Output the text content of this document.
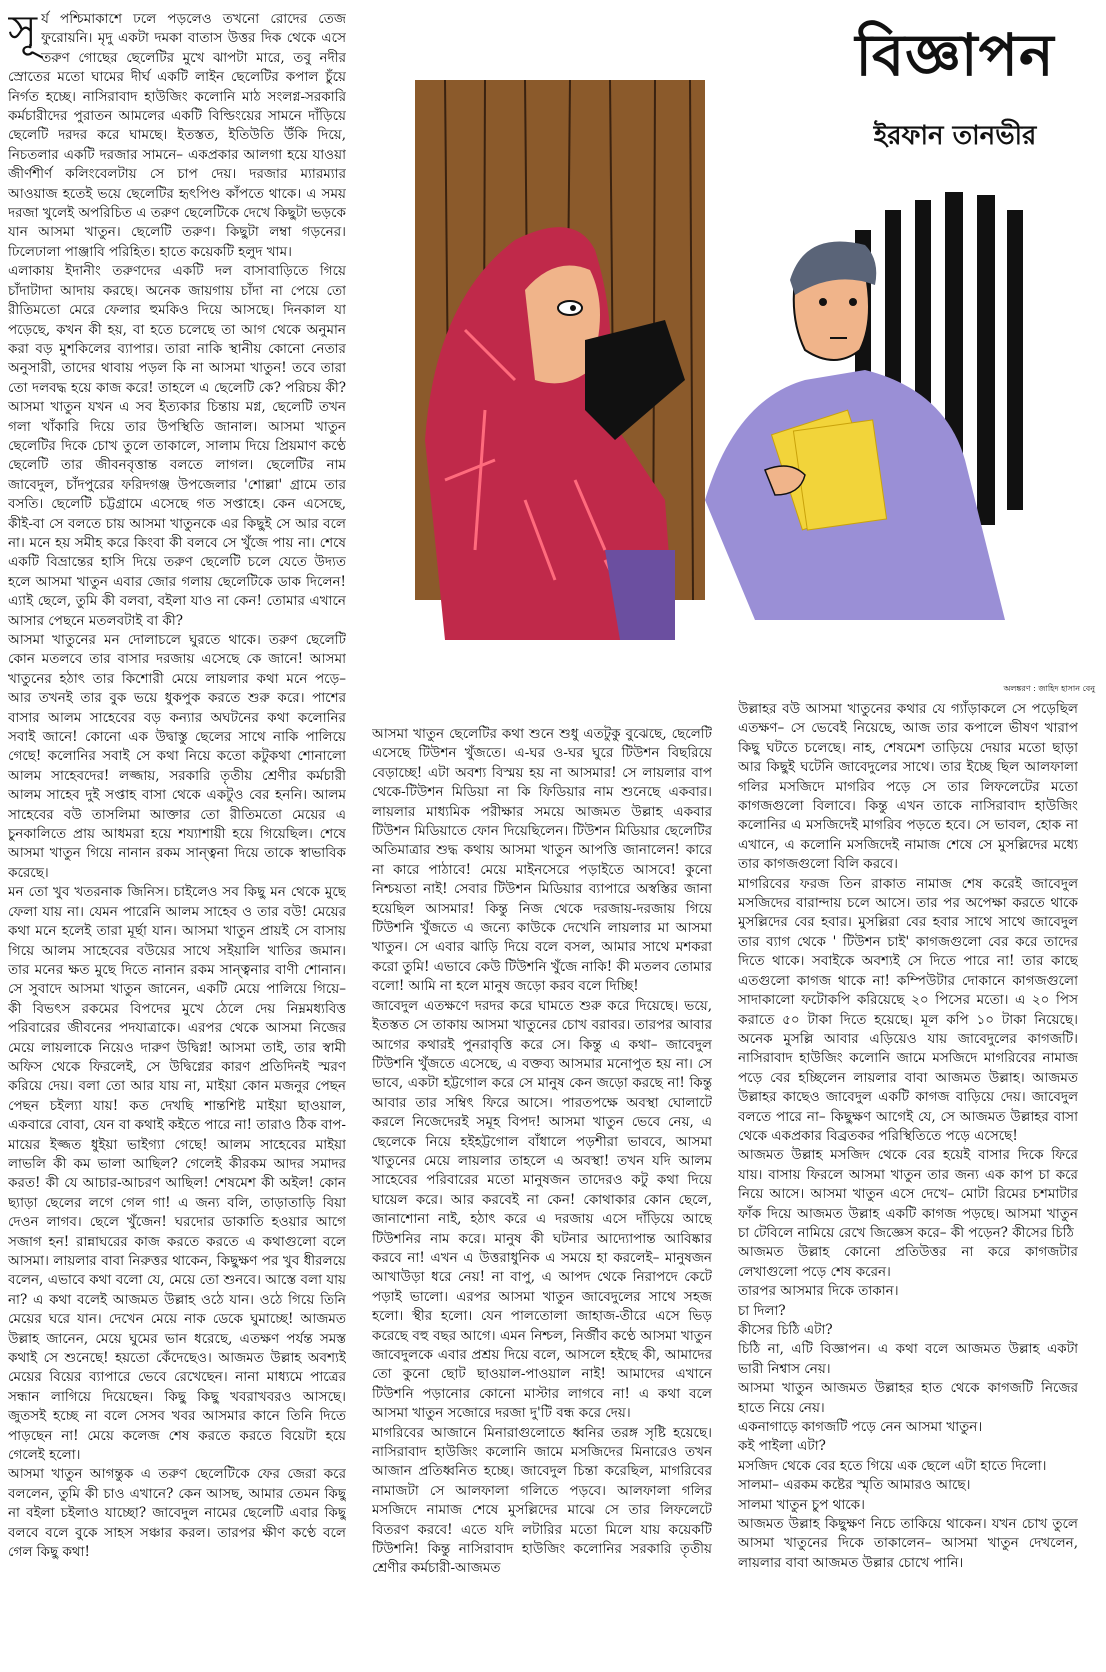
বিজ্ঞাপন
ইরফান তানভীর
অলঙ্করণ : জাহিদ হাসান বেনু
সূ র্য পশ্চিমাকাশে ঢলে পড়লেও তখনো রোদের তেজ ফুরোয়নি। মৃদু একটা দমকা বাতাস উত্তর দিক থেকে এসে তরুণ গোছের ছেলেটির মুখে ঝাপটা মারে, তবু নদীর স্রোতের মতো ঘামের দীর্ঘ একটি লাইন ছেলেটির কপাল চুঁয়ে নির্গত হচ্ছে। নাসিরাবাদ হাউজিং কলোনি মাঠ সংলগ্ন-সরকারি কর্মচারীদের পুরাতন আমলের একটি বিল্ডিংয়ের সামনে দাঁড়িয়ে ছেলেটি দরদর করে ঘামছে। ইতস্তত, ইতিউতি উঁকি দিয়ে, নিচতলার একটি দরজার সামনে– একপ্রকার আলগা হয়ে যাওয়া জীর্ণশীর্ণ কলিংবেলটায় সে চাপ দেয়। দরজার ম্যারম্যার আওয়াজ হতেই ভয়ে ছেলেটির হৃৎপিণ্ড কাঁপতে থাকে। এ সময় দরজা খুলেই অপরিচিত এ তরুণ ছেলেটিকে দেখে কিছুটা ভড়কে যান আসমা খাতুন। ছেলেটি তরুণ। কিছুটা লম্বা গড়নের। ঢিলেঢালা পাঞ্জাবি পরিহিত। হাতে কয়েকটি হলুদ খাম।

এলাকায় ইদানীং তরুণদের একটি দল বাসাবাড়িতে গিয়ে চাঁদাটাদা আদায় করছে। অনেক জায়গায় চাঁদা না পেয়ে তো রীতিমতো মেরে ফেলার হুমকিও দিয়ে আসছে। দিনকাল যা পড়েছে, কখন কী হয়, বা হতে চলেছে তা আগ থেকে অনুমান করা বড় মুশকিলের ব্যাপার। তারা নাকি স্থানীয় কোনো নেতার অনুসারী, তাদের থাবায় পড়ল কি না আসমা খাতুন! তবে তারা তো দলবদ্ধ হয়ে কাজ করে! তাহলে এ ছেলেটি কে? পরিচয় কী? আসমা খাতুন যখন এ সব ইত্যকার চিন্তায় মগ্ন, ছেলেটি তখন গলা খাঁকারি দিয়ে তার উপস্থিতি জানাল। আসমা খাতুন ছেলেটির দিকে চোখ তুলে তাকালে, সালাম দিয়ে প্রিয়মাণ কণ্ঠে ছেলেটি তার জীবনবৃত্তান্ত বলতে লাগল। ছেলেটির নাম জাবেদুল, চাঁদপুরের ফরিদগঞ্জ উপজেলার 'শোল্লা' গ্রামে তার বসতি। ছেলেটি চট্টগ্রামে এসেছে গত সপ্তাহে। কেন এসেছে, কীই-বা সে বলতে চায় আসমা খাতুনকে এর কিছুই সে আর বলে না। মনে হয় সমীহ করে কিংবা কী বলবে সে খুঁজে পায় না। শেষে একটি বিভ্রান্তের হাসি দিয়ে তরুণ ছেলেটি চলে যেতে উদ্যত হলে আসমা খাতুন এবার জোর গলায় ছেলেটিকে ডাক দিলেন! এ্যাই ছেলে, তুমি কী বলবা, বইলা যাও না কেন! তোমার এখানে আসার পেছনে মতলবটাই বা কী?

আসমা খাতুনের মন দোলাচলে ঘুরতে থাকে। তরুণ ছেলেটি কোন মতলবে তার বাসার দরজায় এসেছে কে জানে! আসমা খাতুনের হঠাৎ তার কিশোরী মেয়ে লায়লার কথা মনে পড়ে– আর তখনই তার বুক ভয়ে ধুকপুক করতে শুরু করে। পাশের বাসার আলম সাহেবের বড় কন্যার অঘটনের কথা কলোনির সবাই জানে! কোনো এক উদ্বাস্তু ছেলের সাথে নাকি পালিয়ে গেছে! কলোনির সবাই সে কথা নিয়ে কতো কটুকথা শোনালো আলম সাহেবদের! লজ্জায়, সরকারি তৃতীয় শ্রেণীর কর্মচারী আলম সাহেব দুই সপ্তাহ বাসা থেকে একটুও বের হননি। আলম সাহেবের বউ তাসলিমা আক্তার তো রীতিমতো মেয়ের এ চুনকালিতে প্রায় আধমরা হয়ে শয্যাশায়ী হয়ে গিয়েছিল। শেষে আসমা খাতুন গিয়ে নানান রকম সান্ত্বনা দিয়ে তাকে স্বাভাবিক করেছে।

মন তো খুব খতরনাক জিনিস। চাইলেও সব কিছু মন থেকে মুছে ফেলা যায় না। যেমন পারেনি আলম সাহেব ও তার বউ! মেয়ের কথা মনে হলেই তারা মূর্ছা যান। আসমা খাতুন প্রায়ই সে বাসায় গিয়ে আলম সাহেবের বউয়ের সাথে সইয়ালি খাতির জমান। তার মনের ক্ষত মুছে দিতে নানান রকম সান্ত্বনার বাণী শোনান। সে সুবাদে আসমা খাতুন জানেন, একটি মেয়ে পালিয়ে গিয়ে– কী বিভৎস রকমের বিপদের মুখে ঠেলে দেয় নিম্নমধ্যবিত্ত পরিবারের জীবনের পদযাত্রাকে। এরপর থেকে আসমা নিজের মেয়ে লায়লাকে নিয়েও দারুণ উদ্বিগ্ন! আসমা তাই, তার স্বামী অফিস থেকে ফিরলেই, সে উদ্বিগ্নের কারণ প্রতিদিনই স্মরণ করিয়ে দেয়। বলা তো আর যায় না, মাইয়া কোন মজনুর পেছন পেছন চইল্যা যায়! কত দেখছি শান্তশিষ্ট মাইয়া ছাওয়াল, একবারে বোবা, যেন বা কথাই কইতে পারে না! তারাও ঠিক বাপ-মায়ের ইজ্জত ধুইয়া ভাইগ্যা গেছে! আলম সাহেবের মাইয়া লাভলি কী কম ভালা আছিল? গেলেই কীরকম আদর সমাদর করত! কী যে আচার-আচরণ আছিল! শেষমেশ কী অইল! কোন ছ্যাড়া ছেলের লগে গেল গা! এ জন্য বলি, তাড়াতাড়ি বিয়া দেওন লাগব। ছেলে খুঁজেন! ঘরদোর ডাকাতি হওয়ার আগে সজাগ হন! রান্নাঘরের কাজ করতে করতে এ কথাগুলো বলে আসমা। লায়লার বাবা নিরুত্তর থাকেন, কিছুক্ষণ পর খুব ধীরলয়ে বলেন, এভাবে কথা বলো যে, মেয়ে তো শুনবে। আস্তে বলা যায় না? এ কথা বলেই আজমত উল্লাহ ওঠে যান। ওঠে গিয়ে তিনি মেয়ের ঘরে যান। দেখেন মেয়ে নাক ডেকে ঘুমাচ্ছে! আজমত উল্লাহ জানেন, মেয়ে ঘুমের ভান ধরেছে, এতক্ষণ পর্যন্ত সমস্ত কথাই সে শুনেছে! হয়তো কেঁদেছেও। আজমত উল্লাহ অবশ্যই মেয়ের বিয়ের ব্যাপারে ভেবে রেখেছেন। নানা মাধ্যমে পাত্রের সন্ধান লাগিয়ে দিয়েছেন। কিছু কিছু খবরাখবরও আসছে। জুতসই হচ্ছে না বলে সেসব খবর আসমার কানে তিনি দিতে পাড়ছেন না! মেয়ে কলেজ শেষ করতে করতে বিয়েটা হয়ে গেলেই হলো।

আসমা খাতুন আগন্তুক এ তরুণ ছেলেটিকে ফের জেরা করে বললেন, তুমি কী চাও এখানে? কেন আসছ, আমার তেমন কিছু না বইলা চইলাও যাচ্ছো? জাবেদুল নামের ছেলেটি এবার কিছু বলবে বলে বুকে সাহস সঞ্চার করল। তারপর ক্ষীণ কণ্ঠে বলে গেল কিছু কথা!

আসমা খাতুন ছেলেটির কথা শুনে শুধু এতটুকু বুঝেছে, ছেলেটি এসেছে টিউশন খুঁজতে। এ-ঘর ও-ঘর ঘুরে টিউশন বিছরিয়ে বেড়াচ্ছে! এটা অবশ্য বিস্ময় হয় না আসমার! সে লায়লার বাপ থেকে-টিউশন মিডিয়া না কি ফিডিয়ার নাম শুনেছে একবার। লায়লার মাধ্যমিক পরীক্ষার সময়ে আজমত উল্লাহ একবার টিউশন মিডিয়াতে ফোন দিয়েছিলেন। টিউশন মিডিয়ার ছেলেটির অতিমাত্রার শুদ্ধ কথায় আসমা খাতুন আপত্তি জানালেন! কারে না কারে পাঠাবে! মেয়ে মাইনসেরে পড়াইতে আসবে! কুনো নিশ্চয়তা নাই! সেবার টিউশন মিডিয়ার ব্যাপারে অস্বস্তির জানা হয়েছিল আসমার! কিন্তু নিজ থেকে দরজায়-দরজায় গিয়ে টিউশনি খুঁজতে এ জন্যে কাউকে দেখেনি লায়লার মা আসমা খাতুন। সে এবার ঝাড়ি দিয়ে বলে বসল, আমার সাথে মশকরা করো তুমি! এভাবে কেউ টিউশনি খুঁজে নাকি! কী মতলব তোমার বলো! আমি না হলে মানুষ জড়ো করব বলে দিচ্ছি!

জাবেদুল এতক্ষণে দরদর করে ঘামতে শুরু করে দিয়েছে। ভয়ে, ইতস্তত সে তাকায় আসমা খাতুনের চোখ বরাবর। তারপর আবার আগের কথারই পুনরাবৃত্তি করে সে। কিন্তু এ কথা– জাবেদুল টিউশনি খুঁজতে এসেছে, এ বক্তব্য আসমার মনোপুত হয় না। সে ভাবে, একটা হট্টগোল করে সে মানুষ কেন জড়ো করছে না! কিন্তু আবার তার সম্বিৎ ফিরে আসে। পারতপক্ষে অবস্থা ঘোলাটে করলে নিজেদেরই সমূহ বিপদ! আসমা খাতুন ভেবে নেয়, এ ছেলেকে নিয়ে হইহট্টগোল বাঁধালে পড়শীরা ভাববে, আসমা খাতুনের মেয়ে লায়লার তাহলে এ অবস্থা! তখন যদি আলম সাহেবের পরিবারের মতো মানুষজন তাদেরও কটু কথা দিয়ে ঘায়েল করে। আর করবেই না কেন! কোথাকার কোন ছেলে, জানাশোনা নাই, হঠাৎ করে এ দরজায় এসে দাঁড়িয়ে আছে টিউশনির নাম করে। মানুষ কী ঘটনার আদ্যোপান্ত আবিষ্কার করবে না! এখন এ উত্তরাধুনিক এ সময়ে হা করলেই– মানুষজন আখাউড়া ধরে নেয়! না বাপু, এ আপদ থেকে নিরাপদে কেটে পড়াই ভালো। এরপর আসমা খাতুন জাবেদুলের সাথে সহজ হলো। স্থীর হলো। যেন পালতোলা জাহাজ-তীরে এসে ভিড় করেছে বহু বছর আগে। এমন নিশ্চল, নির্জীব কণ্ঠে আসমা খাতুন জাবেদুলকে এবার প্রশ্রয় দিয়ে বলে, আসলে হইছে কী, আমাদের তো কুনো ছোট ছাওয়াল-পাওয়াল নাই! আমাদের এখানে টিউশনি পড়ানোর কোনো মাস্টার লাগবে না! এ কথা বলে আসমা খাতুন সজোরে দরজা দু'টি বন্ধ করে দেয়।

মাগরিবের আজানে মিনারাগুলোতে ধ্বনির তরঙ্গ সৃষ্টি হয়েছে। নাসিরাবাদ হাউজিং কলোনি জামে মসজিদের মিনারেও তখন আজান প্রতিধ্বনিত হচ্ছে। জাবেদুল চিন্তা করেছিল, মাগরিবের নামাজটা সে আলফালা গলিতে পড়বে। আলফালা গলির মসজিদে নামাজ শেষে মুসল্লিদের মাঝে সে তার লিফলেটে বিতরণ করবে! এতে যদি লটারির মতো মিলে যায় কয়েকটি টিউশনি! কিন্তু নাসিরাবাদ হাউজিং কলোনির সরকারি তৃতীয় শ্রেণীর কর্মচারী-আজমত

উল্লাহর বউ আসমা খাতুনের কথার যে গ্যাঁড়াকলে সে পড়েছিল এতক্ষণ– সে ভেবেই নিয়েছে, আজ তার কপালে ভীষণ খারাপ কিছু ঘটতে চলেছে। নাহ, শেষমেশ তাড়িয়ে দেয়ার মতো ছাড়া আর কিছুই ঘটেনি জাবেদুলের সাথে। তার ইচ্ছে ছিল আলফালা গলির মসজিদে মাগরিব পড়ে সে তার লিফলেটের মতো কাগজগুলো বিলাবে। কিন্তু এখন তাকে নাসিরাবাদ হাউজিং কলোনির এ মসজিদেই মাগরিব পড়তে হবে। সে ভাবল, হোক না এখানে, এ কলোনি মসজিদেই নামাজ শেষে সে মুসল্লিদের মধ্যে তার কাগজগুলো বিলি করবে।

মাগরিবের ফরজ তিন রাকাত নামাজ শেষ করেই জাবেদুল মসজিদের বারান্দায় চলে আসে। তার পর অপেক্ষা করতে থাকে মুসল্লিদের বের হবার। মুসল্লিরা বের হবার সাথে সাথে জাবেদুল তার ব্যাগ থেকে ' টিউশন চাই' কাগজগুলো বের করে তাদের দিতে থাকে। সবাইকে অবশ্যই সে দিতে পারে না! তার কাছে এতগুলো কাগজ থাকে না! কম্পিউটার দোকানে কাগজগুলো সাদাকালো ফটোকপি করিয়েছে ২০ পিসের মতো। এ ২০ পিস করাতে ৫০ টাকা দিতে হয়েছে। মূল কপি ১০ টাকা নিয়েছে। অনেক মুসল্লি আবার এড়িয়েও যায় জাবেদুলের কাগজটি। নাসিরাবাদ হাউজিং কলোনি জামে মসজিদে মাগরিবের নামাজ পড়ে বের হচ্ছিলেন লায়লার বাবা আজমত উল্লাহ। আজমত উল্লাহর কাছেও জাবেদুল একটি কাগজ বাড়িয়ে দেয়। জাবেদুল বলতে পারে না– কিছুক্ষণ আগেই যে, সে আজমত উল্লাহর বাসা থেকে একপ্রকার বিব্রতকর পরিস্থিতিতে পড়ে এসেছে!

আজমত উল্লাহ মসজিদ থেকে বের হয়েই বাসার দিকে ফিরে যায়। বাসায় ফিরলে আসমা খাতুন তার জন্য এক কাপ চা করে নিয়ে আসে। আসমা খাতুন এসে দেখে– মোটা রিমের চশমাটার ফাঁক দিয়ে আজমত উল্লাহ একটি কাগজ পড়ছে। আসমা খাতুন চা টেবিলে নামিয়ে রেখে জিজ্ঞেস করে– কী পড়েন? কীসের চিঠি

আজমত উল্লাহ কোনো প্রতিউত্তর না করে কাগজটার লেখাগুলো পড়ে শেষ করেন।

তারপর আসমার দিকে তাকান।

চা দিলা?

কীসের চিঠি এটা?

চিঠি না, এটি বিজ্ঞাপন। এ কথা বলে আজমত উল্লাহ একটা ভারী নিশ্বাস নেয়।

আসমা খাতুন আজমত উল্লাহর হাত থেকে কাগজটি নিজের হাতে নিয়ে নেয়।

একনাগাড়ে কাগজটি পড়ে নেন আসমা খাতুন।

কই পাইলা এটা?

মসজিদ থেকে বের হতে গিয়ে এক ছেলে এটা হাতে দিলো।

সালমা– এরকম কষ্টের স্মৃতি আমারও আছে।

সালমা খাতুন চুপ থাকে।

আজমত উল্লাহ কিছুক্ষণ নিচে তাকিয়ে থাকেন। যখন চোখ তুলে আসমা খাতুনের দিকে তাকালেন– আসমা খাতুন দেখলেন, লায়লার বাবা আজমত উল্লার চোখে পানি।
